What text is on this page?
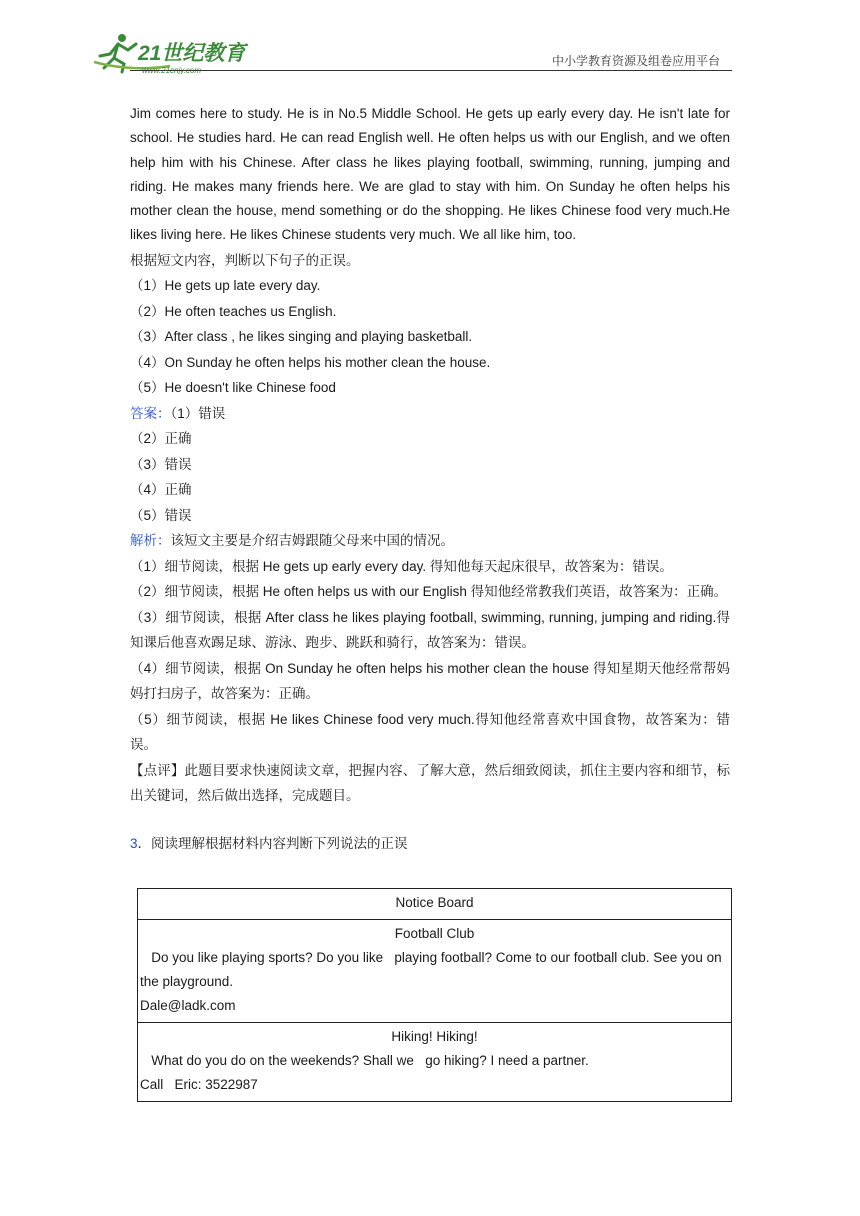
21世纪教育
www.21cnjy.com
中小学教育资源及组卷应用平台

Jim comes here to study. He is in No.5 Middle School. He gets up early every day. He isn't late for school. He studies hard. He can read English well. He often helps us with our English, and we often help him with his Chinese. After class he likes playing football, swimming, running, jumping and riding. He makes many friends here. We are glad to stay with him. On Sunday he often helps his mother clean the house, mend something or do the shopping. He likes Chinese food very much.He likes living here. He likes Chinese students very much. We all like him, too.

根据短文内容，判断以下句子的正误。

（1）He gets up late every day.

（2）He often teaches us English.

（3）After class , he likes singing and playing basketball.

（4）On Sunday he often helps his mother clean the house.

（5）He doesn't like Chinese food

答案：（1）错误

（2）正确

（3）错误

（4）正确

（5）错误

解析：该短文主要是介绍吉姆跟随父母来中国的情况。

（1）细节阅读，根据 He gets up early every day. 得知他每天起床很早，故答案为：错误。

（2）细节阅读，根据 He often helps us with our English 得知他经常教我们英语，故答案为：正确。

（3）细节阅读，根据 After class he likes playing football, swimming, running, jumping and riding.得知课后他喜欢踢足球、游泳、跑步、跳跃和骑行，故答案为：错误。

（4）细节阅读，根据 On Sunday he often helps his mother clean the house 得知星期天他经常帮妈妈打扫房子，故答案为：正确。

（5）细节阅读，根据 He likes Chinese food very much.得知他经常喜欢中国食物，故答案为：错误。

【点评】此题目要求快速阅读文章，把握内容、了解大意，然后细致阅读，抓住主要内容和细节，标出关键词，然后做出选择，完成题目。

3．阅读理解根据材料内容判断下列说法的正误

Notice Board

Football Club
Do you like playing sports? Do you like   playing football? Come to our football club. See you on the playground.
Dale@ladk.com

Hiking! Hiking!
What do you do on the weekends? Shall we   go hiking? I need a partner.
Call   Eric: 3522987
